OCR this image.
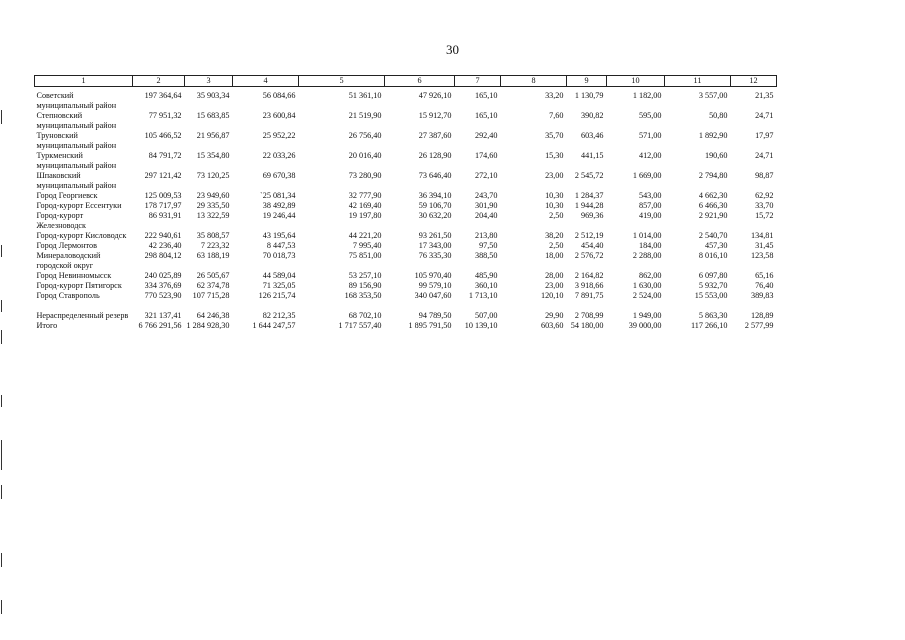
30
1	2	3	4	5	6	7	8	9	10	11	12

Советский муниципальный район	197 364,64	35 903,34	56 084,66	51 361,10	47 926,10	165,10	33,20	1 130,79	1 182,00	3 557,00	21,35
Степновский муниципальный район	77 951,32	15 683,85	23 600,84	21 519,90	15 912,70	165,10	7,60	390,82	595,00	50,80	24,71
Труновский муниципальный район	105 466,52	21 956,87	25 952,22	26 756,40	27 387,60	292,40	35,70	603,46	571,00	1 892,90	17,97
Туркменский муниципальный район	84 791,72	15 354,80	22 033,26	20 016,40	26 128,90	174,60	15,30	441,15	412,00	190,60	24,71
Шпаковский муниципальный район	297 121,42	73 120,25	69 670,38	73 280,90	73 646,40	272,10	23,00	2 545,72	1 669,00	2 794,80	98,87
Город Георгиевск	125 009,53	23 949,60	`25 081,34	32 777,90	36 394,10	243,70	10,30	1 284,37	543,00	4 662,30	62,92
Город-курорт Ессентуки	178 717,97	29 335,50	38 492,89	42 169,40	59 106,70	301,90	10,30	1 944,28	857,00	6 466,30	33,70
Город-курорт Железноводск	86 931,91	13 322,59	19 246,44	19 197,80	30 632,20	204,40	2,50	969,36	419,00	2 921,90	15,72
Город-курорт Кисловодск	222 940,61	35 808,57	43 195,64	44 221,20	93 261,50	213,80	38,20	2 512,19	1 014,00	2 540,70	134,81
Город Лермонтов	42 236,40	7 223,32	8 447,53	7 995,40	17 343,00	97,50	2,50	454,40	184,00	457,30	31,45
Минераловодский городской округ	298 804,12	63 188,19	70 018,73	75 851,00	76 335,30	388,50	18,00	2 576,72	2 288,00	8 016,10	123,58
Город Невинномысск	240 025,89	26 505,67	44 589,04	53 257,10	105 970,40	485,90	28,00	2 164,82	862,00	6 097,80	65,16
Город-курорт Пятигорск	334 376,69	62 374,78	71 325,05	89 156,90	99 579,10	360,10	23,00	3 918,66	1 630,00	5 932,70	76,40
Город Ставрополь	770 523,90	107 715,28	126 215,74	168 353,50	340 047,60	1 713,10	120,10	7 891,75	2 524,00	15 553,00	389,83

Нераспределенный резерв	321 137,41	64 246,38	82 212,35	68 702,10	94 789,50	507,00	29,90	2 708,99	1 949,00	5 863,30	128,89
Итого	6 766 291,56	1 284 928,30	1 644 247,57	1 717 557,40	1 895 791,50	10 139,10	603,60	54 180,00	39 000,00	117 266,10	2 577,99
